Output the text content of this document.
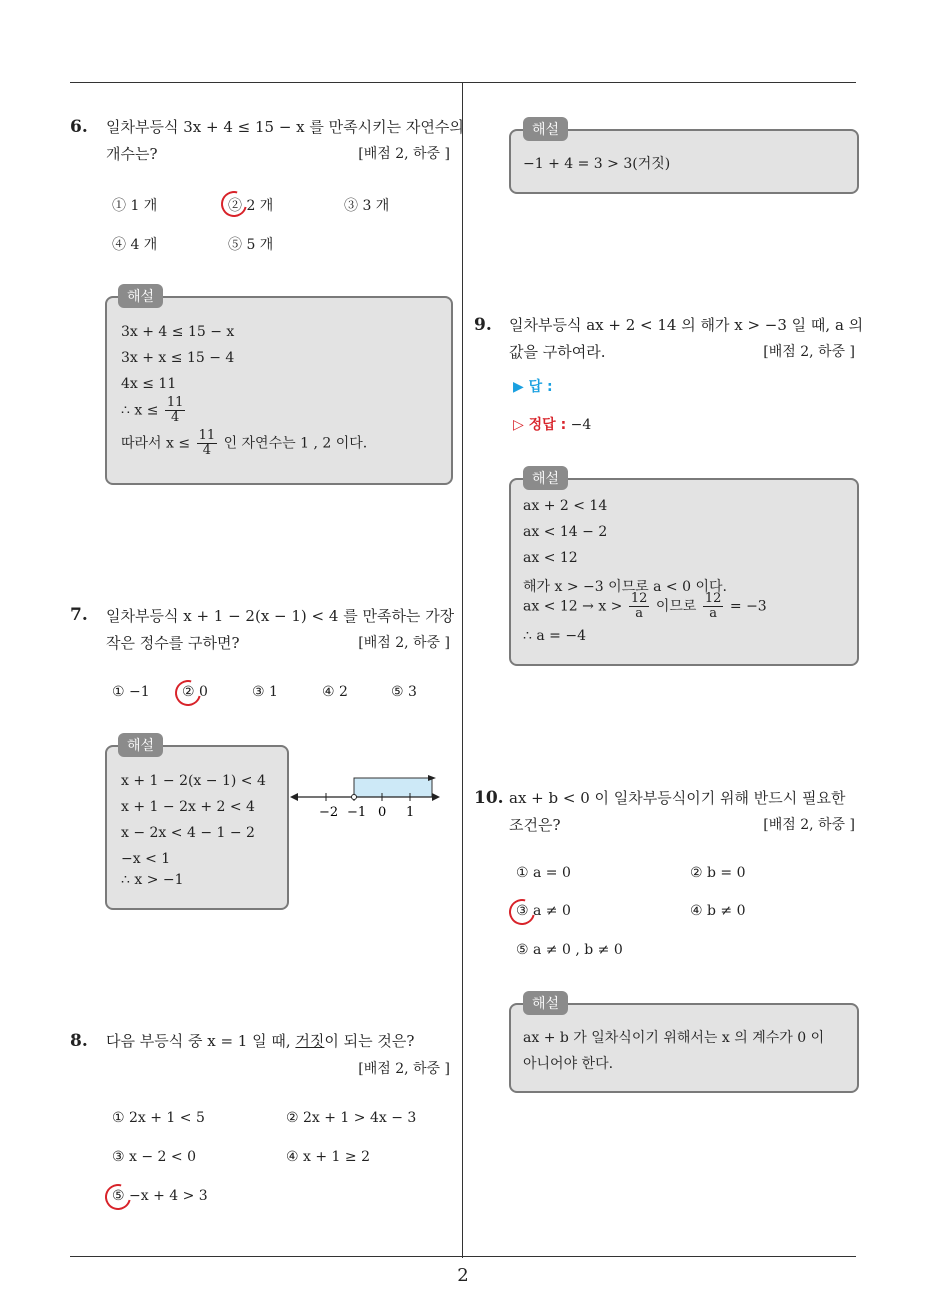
6. 일차부등식 3x + 4 ≤ 15 − x 를 만족시키는 자연수의
개수는?	[배점 2, 하중 ]
① 1 개	② 2 개	③ 3 개
④ 4 개	⑤ 5 개
3x + 4 ≤ 15 − x
3x + x ≤ 15 − 4
4x ≤ 11
∴ $x \le \frac{11}{4}$
따라서 $x \le \frac{11}{4}$ 인 자연수는 1 , 2 이다.
해설
7. 일차부등식 x + 1 − 2(x − 1) < 4 를 만족하는 가장
작은 정수를 구하면?	[배점 2, 하중 ]
① −1 ② 0	③ 1	④ 2	⑤ 3
x + 1 − 2(x − 1) < 4
x + 1 − 2x + 2 < 4
x − 2x < 4 − 1 − 2
−x < 1
∴ x > −1
해설
−2 −1 0 1
8. 다음 부등식 중 x = 1 일 때, 거짓이 되는 것은?
[배점 2, 하중 ]
① 2x + 1 < 5	② 2x + 1 > 4x − 3
③ x − 2 < 0	④ x + 1 ≥ 2
⑤ −x + 4 > 3
−1 + 4 = 3 > 3(거짓)
해설
9. 일차부등식 ax + 2 < 14 의 해가 x > −3 일 때, a 의
값을 구하여라.	[배점 2, 하중 ]
▶ 답 :
▷ 정답 : −4
ax + 2 < 14
ax < 14 − 2
ax < 12
해가 x > −3 이므로 a < 0 이다.
ax < $12 \to x > \frac{12}{a}$ 이므로 $\frac{12}{a} = -3$
∴ a = −4
해설
10. ax + b < 0 이 일차부등식이기 위해 반드시 필요한
조건은?	[배점 2, 하중 ]
① a = 0	② b = 0
③ a ≠ 0	④ b ≠ 0
⑤ a ≠ 0 , b ≠ 0
ax + b 가 일차식이기 위해서는 x 의 계수가 0 이
아니어야 한다.
해설
2
